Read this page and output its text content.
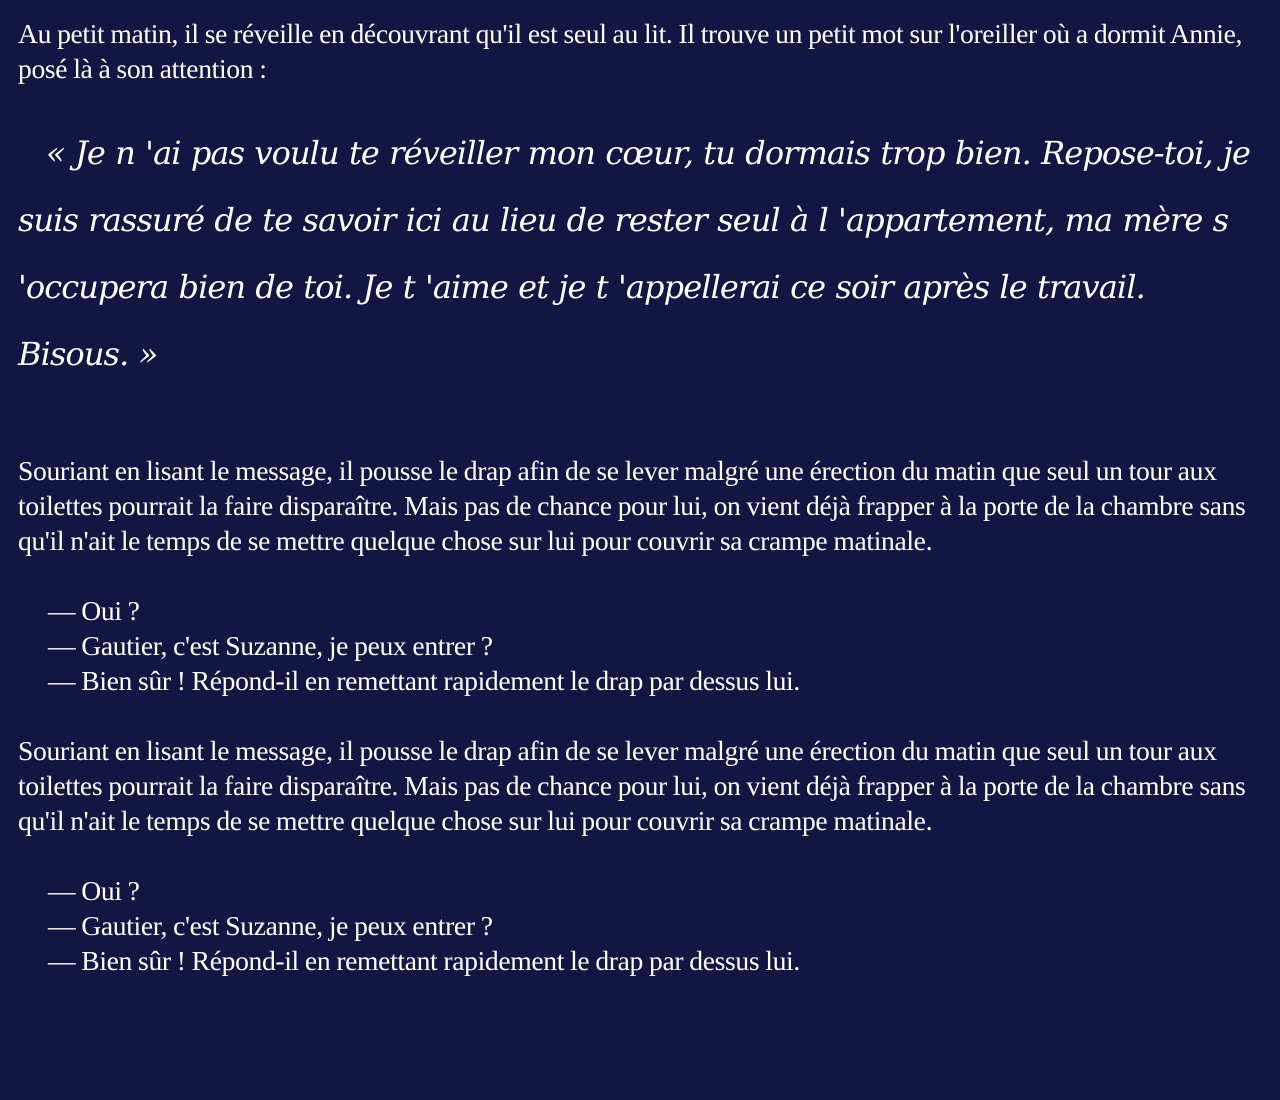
Au petit matin, il se réveille en découvrant qu'il est seul au lit. Il trouve un petit mot sur l'oreiller où a dormit Annie, posé là à son attention :

« Je n 'ai pas voulu te réveiller mon cœur, tu dormais trop bien. Repose-toi, je suis rassuré de te savoir ici au lieu de rester seul à l 'appartement, ma mère s 'occupera bien de toi. Je t 'aime et je t 'appellerai ce soir après le travail. Bisous. »

Souriant en lisant le message, il pousse le drap afin de se lever malgré une érection du matin que seul un tour aux toilettes pourrait la faire disparaître. Mais pas de chance pour lui, on vient déjà frapper à la porte de la chambre sans qu'il n'ait le temps de se mettre quelque chose sur lui pour couvrir sa crampe matinale.

— Oui ?
— Gautier, c'est Suzanne, je peux entrer ?
— Bien sûr ! Répond-il en remettant rapidement le drap par dessus lui.

Souriant en lisant le message, il pousse le drap afin de se lever malgré une érection du matin que seul un tour aux toilettes pourrait la faire disparaître. Mais pas de chance pour lui, on vient déjà frapper à la porte de la chambre sans qu'il n'ait le temps de se mettre quelque chose sur lui pour couvrir sa crampe matinale.

— Oui ?
— Gautier, c'est Suzanne, je peux entrer ?
— Bien sûr ! Répond-il en remettant rapidement le drap par dessus lui.
